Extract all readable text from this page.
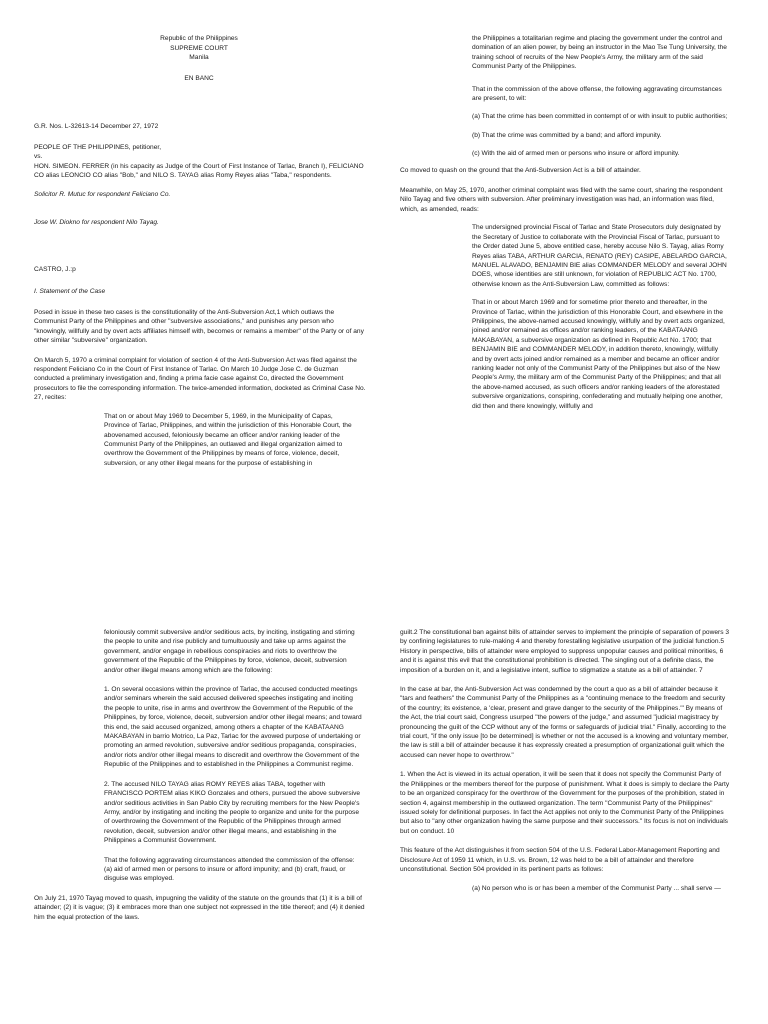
Republic of the Philippines

SUPREME COURT

Manila

EN BANC

G.R. Nos. L-32613-14 December 27, 1972

PEOPLE OF THE PHILIPPINES, petitioner,

vs.

HON. SIMEON. FERRER (in his capacity as Judge of the Court of First Instance of Tarlac, Branch I), FELICIANO CO alias LEONCIO CO alias "Bob," and NILO S. TAYAG alias Romy Reyes alias "Taba," respondents.

Solicitor R. Mutuc for respondent Feliciano Co.

Jose W. Diokno for respondent Nilo Tayag.

CASTRO, J.:p

I. Statement of the Case

Posed in issue in these two cases is the constitutionality of the Anti-Subversion Act,1 which outlaws the Communist Party of the Philippines and other "subversive associations," and punishes any person who "knowingly, willfully and by overt acts affiliates himself with, becomes or remains a member" of the Party or of any other similar "subversive" organization.

On March 5, 1970 a criminal complaint for violation of section 4 of the Anti-Subversion Act was filed against the respondent Feliciano Co in the Court of First Instance of Tarlac. On March 10 Judge Jose C. de Guzman conducted a preliminary investigation and, finding a prima facie case against Co, directed the Government prosecutors to file the corresponding information. The twice-amended information, docketed as Criminal Case No. 27, recites:

That on or about May 1969 to December 5, 1969, in the Municipality of Capas, Province of Tarlac, Philippines, and within the jurisdiction of this Honorable Court, the abovenamed accused, feloniously became an officer and/or ranking leader of the Communist Party of the Philippines, an outlawed and illegal organization aimed to overthrow the Government of the Philippines by means of force, violence, deceit, subversion, or any other illegal means for the purpose of establishing in

the Philippines a totalitarian regime and placing the government under the control and domination of an alien power, by being an instructor in the Mao Tse Tung University, the training school of recruits of the New People's Army, the military arm of the said Communist Party of the Philippines.

That in the commission of the above offense, the following aggravating circumstances are present, to wit:

(a) That the crime has been committed in contempt of or with insult to public authorities;

(b) That the crime was committed by a band; and afford impunity.

(c) With the aid of armed men or persons who insure or afford impunity.

Co moved to quash on the ground that the Anti-Subversion Act is a bill of attainder.

Meanwhile, on May 25, 1970, another criminal complaint was filed with the same court, sharing the respondent Nilo Tayag and five others with subversion. After preliminary investigation was had, an information was filed, which, as amended, reads:

The undersigned provincial Fiscal of Tarlac and State Prosecutors duly designated by the Secretary of Justice to collaborate with the Provincial Fiscal of Tarlac, pursuant to the Order dated June 5, above entitled case, hereby accuse Nilo S. Tayag, alias Romy Reyes alias TABA, ARTHUR GARCIA, RENATO (REY) CASIPE, ABELARDO GARCIA, MANUEL ALAVADO, BENJAMIN BIE alias COMMANDER MELODY and several JOHN DOES, whose identities are still unknown, for violation of REPUBLIC ACT No. 1700, otherwise known as the Anti-Subversion Law, committed as follows:

That in or about March 1969 and for sometime prior thereto and thereafter, in the Province of Tarlac, within the jurisdiction of this Honorable Court, and elsewhere in the Philippines, the above-named accused knowingly, willfully and by overt acts organized, joined and/or remained as offices and/or ranking leaders, of the KABATAANG MAKABAYAN, a subversive organization as defined in Republic Act No. 1700; that BENJAMIN BIE and COMMANDER MELODY, in addition thereto, knowingly, willfully and by overt acts joined and/or remained as a member and became an officer and/or ranking leader not only of the Communist Party of the Philippines but also of the New People's Army, the military arm of the Communist Party of the Philippines; and that all the above-named accused, as such officers and/or ranking leaders of the aforestated subversive organizations, conspiring, confederating and mutually helping one another, did then and there knowingly, willfully and

feloniously commit subversive and/or seditious acts, by inciting, instigating and stirring the people to unite and rise publicly and tumultuously and take up arms against the government, and/or engage in rebellious conspiracies and riots to overthrow the government of the Republic of the Philippines by force, violence, deceit, subversion and/or other illegal means among which are the following:

1. On several occasions within the province of Tarlac, the accused conducted meetings and/or seminars wherein the said accused delivered speeches instigating and inciting the people to unite, rise in arms and overthrow the Government of the Republic of the Philippines, by force, violence, deceit, subversion and/or other illegal means; and toward this end, the said accused organized, among others a chapter of the KABATAANG MAKABAYAN in barrio Motrico, La Paz, Tarlac for the avowed purpose of undertaking or promoting an armed revolution, subversive and/or seditious propaganda, conspiracies, and/or riots and/or other illegal means to discredit and overthrow the Government of the Republic of the Philippines and to established in the Philippines a Communist regime.

2. The accused NILO TAYAG alias ROMY REYES alias TABA, together with FRANCISCO PORTEM alias KIKO Gonzales and others, pursued the above subversive and/or seditious activities in San Pablo City by recruiting members for the New People's Army, and/or by instigating and inciting the people to organize and unite for the purpose of overthrowing the Government of the Republic of the Philippines through armed revolution, deceit, subversion and/or other illegal means, and establishing in the Philippines a Communist Government.

That the following aggravating circumstances attended the commission of the offense: (a) aid of armed men or persons to insure or afford impunity; and (b) craft, fraud, or disguise was employed.

On July 21, 1970 Tayag moved to quash, impugning the validity of the statute on the grounds that (1) it is a bill of attainder; (2) it is vague; (3) it embraces more than one subject not expressed in the title thereof; and (4) it denied him the equal protection of the laws.

guilt.2 The constitutional ban against bills of attainder serves to implement the principle of separation of powers 3 by confining legislatures to rule-making 4 and thereby forestalling legislative usurpation of the judicial function.5 History in perspective, bills of attainder were employed to suppress unpopular causes and political minorities, 6 and it is against this evil that the constitutional prohibition is directed. The singling out of a definite class, the imposition of a burden on it, and a legislative intent, suffice to stigmatize a statute as a bill of attainder. 7

In the case at bar, the Anti-Subversion Act was condemned by the court a quo as a bill of attainder because it "tars and feathers" the Communist Party of the Philippines as a "continuing menace to the freedom and security of the country; its existence, a 'clear, present and grave danger to the security of the Philippines.'" By means of the Act, the trial court said, Congress usurped "the powers of the judge," and assumed "judicial magistracy by pronouncing the guilt of the CCP without any of the forms or safeguards of judicial trial." Finally, according to the trial court, "if the only issue [to be determined] is whether or not the accused is a knowing and voluntary member, the law is still a bill of attainder because it has expressly created a presumption of organizational guilt which the accused can never hope to overthrow."

1. When the Act is viewed in its actual operation, it will be seen that it does not specify the Communist Party of the Philippines or the members thereof for the purpose of punishment. What it does is simply to declare the Party to be an organized conspiracy for the overthrow of the Government for the purposes of the prohibition, stated in section 4, against membership in the outlawed organization. The term "Communist Party of the Philippines" issued solely for definitional purposes. In fact the Act applies not only to the Communist Party of the Philippines but also to "any other organization having the same purpose and their successors." Its focus is not on individuals but on conduct. 10

This feature of the Act distinguishes it from section 504 of the U.S. Federal Labor-Management Reporting and Disclosure Act of 1959 11 which, in U.S. vs. Brown, 12 was held to be a bill of attainder and therefore unconstitutional. Section 504 provided in its pertinent parts as follows:

(a) No person who is or has been a member of the Communist Party ... shall serve —
